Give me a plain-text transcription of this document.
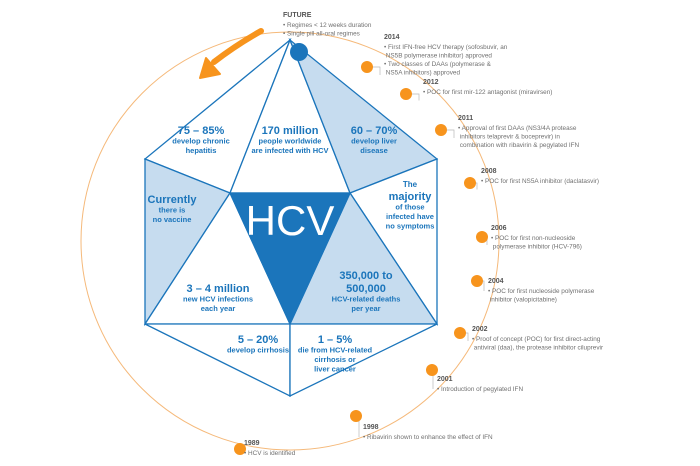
HCV
75 – 85% develop chronic hepatitis
170 million people worldwide are infected with HCV
60 – 70% develop liver disease
Currently there is no vaccine
The majority of those infected have no symptoms
350,000 to 500,000 HCV-related deaths per year
3 – 4 million new HCV infections each year
5 – 20% develop cirrhosis
1 – 5% die from HCV-related cirrhosis or liver cancer
FUTURE
• Regimes < 12 weeks duration • Single pill all-oral regimes	2014
• First IFN-free HCV therapy (sofosbuvir, an NS5B polymerase inhibitor) approved • Two classes of DAAs (polymerase & NS5A inhibitors) approved
2012
• POC for first mir-122 antagonist (miravirsen)
2011
• Approval of first DAAs (NS3/4A protease inhibitors telaprevir & boceprevir) in combination with ribavirin & pegylated IFN
2008
• POC for first NS5A inhibitor (daclatasvir)
2006
• POC for first non-nucleoside polymerase inhibitor (HCV-796)
2004
• POC for first nucleoside polymerase inhibitor (valopicitabine)
2002
• Proof of concept (POC) for first direct-acting antiviral (daa), the protease inhibitor ciluprevir
2001
• Introduction of pegylated IFN
1998
• Ribavirin shown to enhance the effect of IFN
1989
• HCV is identified
